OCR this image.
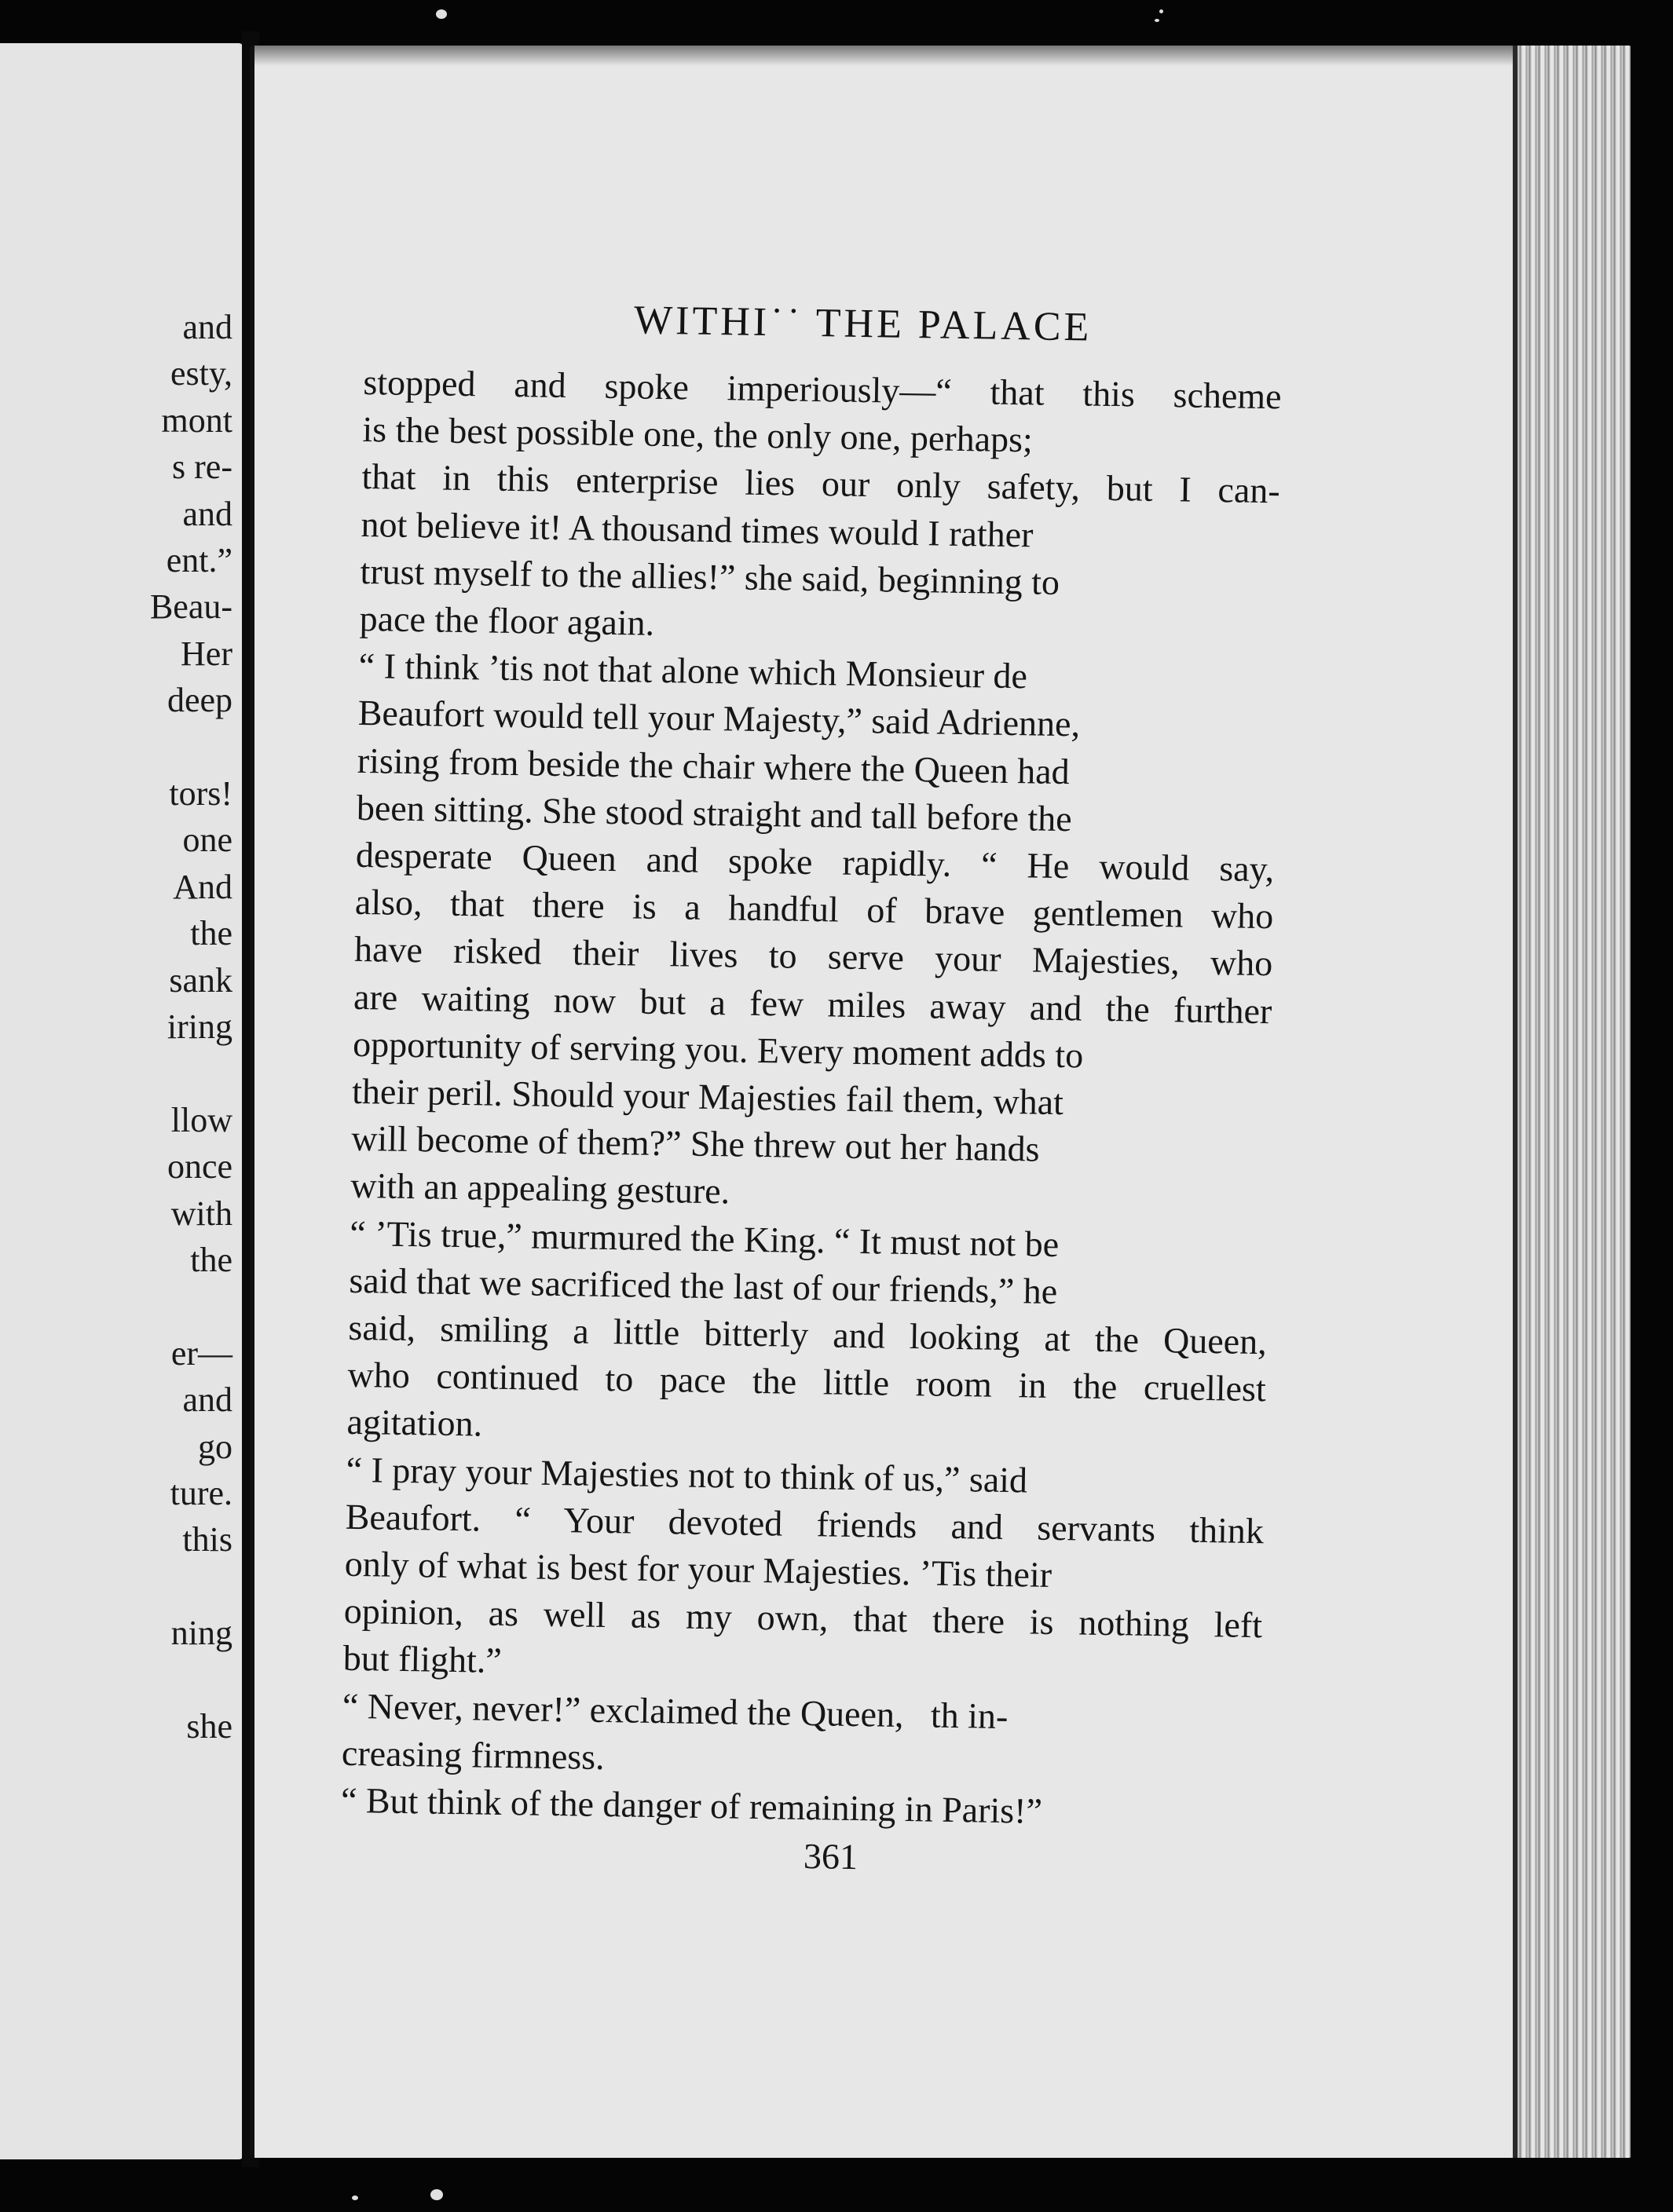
and
esty,
mont
s re-
and
ent.”
Beau-
Her
deep
tors!
one
And
the
sank
iring
llow
once
with
the
er—
and
go
ture.
this
ning
she
WITHI˙˙ THE PALACE
361
stopped and spoke imperiously—“ that this scheme
is the best possible one, the only one, perhaps;
that in this enterprise lies our only safety, but I can-
not believe it! A thousand times would I rather
trust myself to the allies!” she said, beginning to
pace the floor again.
“ I think ’tis not that alone which Monsieur de
Beaufort would tell your Majesty,” said Adrienne,
rising from beside the chair where the Queen had
been sitting. She stood straight and tall before the
desperate Queen and spoke rapidly. “ He would say,
also, that there is a handful of brave gentlemen who
have risked their lives to serve your Majesties, who
are waiting now but a few miles away and the further
opportunity of serving you. Every moment adds to
their peril. Should your Majesties fail them, what
will become of them?” She threw out her hands
with an appealing gesture.
“ ’Tis true,” murmured the King. “ It must not be
said that we sacrificed the last of our friends,” he
said, smiling a little bitterly and looking at the Queen,
who continued to pace the little room in the cruellest
agitation.
“ I pray your Majesties not to think of us,” said
Beaufort. “ Your devoted friends and servants think
only of what is best for your Majesties. ’Tis their
opinion, as well as my own, that there is nothing left
but flight.”
“ Never, never!” exclaimed the Queen,  th in-
creasing firmness.
“ But think of the danger of remaining in Paris!”
